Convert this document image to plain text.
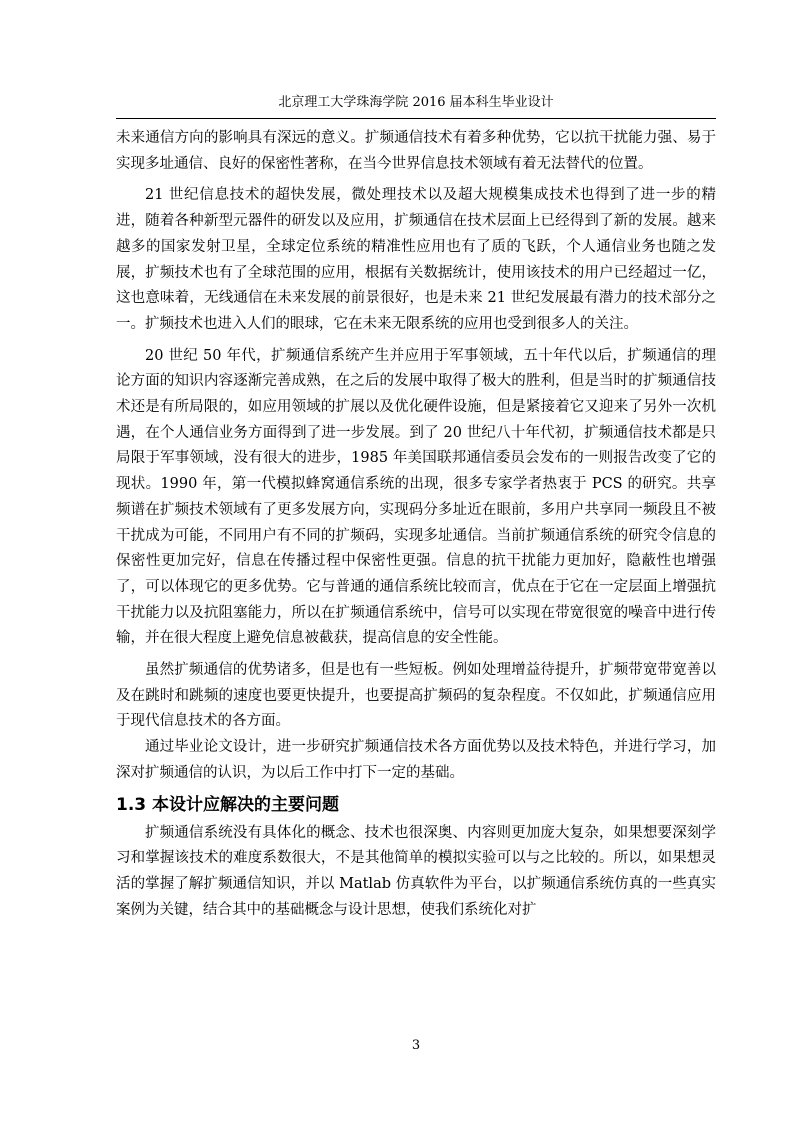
北京理工大学珠海学院 2016 届本科生毕业设计

未来通信方向的影响具有深远的意义。扩频通信技术有着多种优势，它以抗干扰能力强、易于实现多址通信、良好的保密性著称，在当今世界信息技术领域有着无法替代的位置。

21 世纪信息技术的超快发展，微处理技术以及超大规模集成技术也得到了进一步的精进，随着各种新型元器件的研发以及应用，扩频通信在技术层面上已经得到了新的发展。越来越多的国家发射卫星，全球定位系统的精准性应用也有了质的飞跃，个人通信业务也随之发展，扩频技术也有了全球范围的应用，根据有关数据统计，使用该技术的用户已经超过一亿，这也意味着，无线通信在未来发展的前景很好，也是未来 21 世纪发展最有潜力的技术部分之一。扩频技术也进入人们的眼球，它在未来无限系统的应用也受到很多人的关注。

20 世纪 50 年代，扩频通信系统产生并应用于军事领域，五十年代以后，扩频通信的理论方面的知识内容逐渐完善成熟，在之后的发展中取得了极大的胜利，但是当时的扩频通信技术还是有所局限的，如应用领域的扩展以及优化硬件设施，但是紧接着它又迎来了另外一次机遇，在个人通信业务方面得到了进一步发展。到了 20 世纪八十年代初，扩频通信技术都是只局限于军事领域，没有很大的进步，1985 年美国联邦通信委员会发布的一则报告改变了它的现状。1990 年，第一代模拟蜂窝通信系统的出现，很多专家学者热衷于 PCS 的研究。共享频谱在扩频技术领域有了更多发展方向，实现码分多址近在眼前，多用户共享同一频段且不被干扰成为可能，不同用户有不同的扩频码，实现多址通信。当前扩频通信系统的研究令信息的保密性更加完好，信息在传播过程中保密性更强。信息的抗干扰能力更加好，隐蔽性也增强了，可以体现它的更多优势。它与普通的通信系统比较而言，优点在于它在一定层面上增强抗干扰能力以及抗阻塞能力，所以在扩频通信系统中，信号可以实现在带宽很宽的噪音中进行传输，并在很大程度上避免信息被截获，提高信息的安全性能。

虽然扩频通信的优势诸多，但是也有一些短板。例如处理增益待提升，扩频带宽带宽善以及在跳时和跳频的速度也要更快提升，也要提高扩频码的复杂程度。不仅如此，扩频通信应用于现代信息技术的各方面。

通过毕业论文设计，进一步研究扩频通信技术各方面优势以及技术特色，并进行学习，加深对扩频通信的认识，为以后工作中打下一定的基础。

1.3 本设计应解决的主要问题

扩频通信系统没有具体化的概念、技术也很深奥、内容则更加庞大复杂，如果想要深刻学习和掌握该技术的难度系数很大，不是其他简单的模拟实验可以与之比较的。所以，如果想灵活的掌握了解扩频通信知识，并以 Matlab 仿真软件为平台，以扩频通信系统仿真的一些真实案例为关键，结合其中的基础概念与设计思想，使我们系统化对扩

3
